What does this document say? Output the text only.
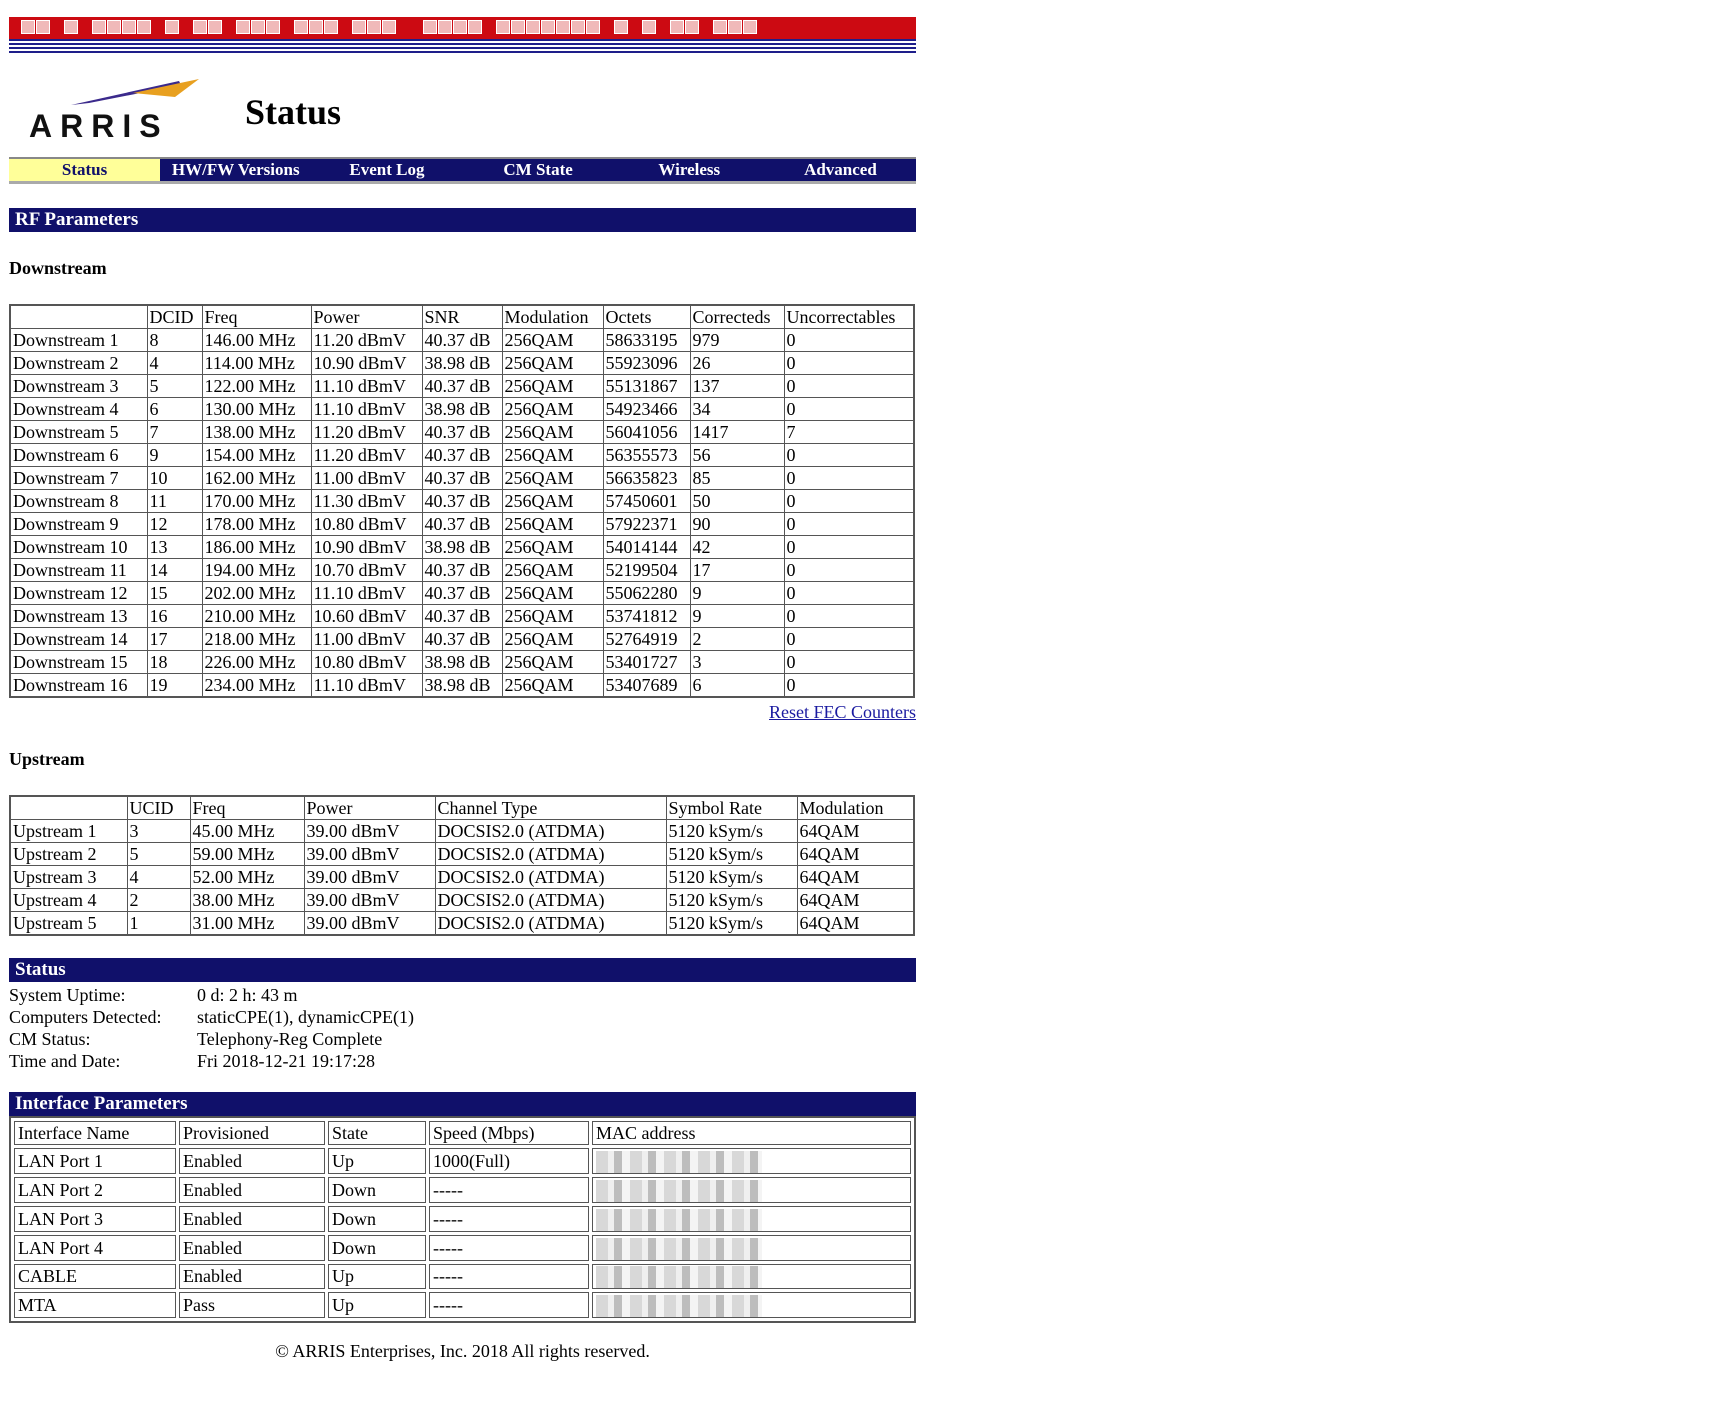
ARRIS Status
Status	HW/FW Versions	Event Log	CM State	Wireless	Advanced
RF Parameters
Downstream
	DCID	Freq	Power	SNR	Modulation	Octets	Correcteds	Uncorrectables
Downstream 1	8	146.00 MHz	11.20 dBmV	40.37 dB	256QAM	58633195	979	0
Downstream 2	4	114.00 MHz	10.90 dBmV	38.98 dB	256QAM	55923096	26	0
Downstream 3	5	122.00 MHz	11.10 dBmV	40.37 dB	256QAM	55131867	137	0
Downstream 4	6	130.00 MHz	11.10 dBmV	38.98 dB	256QAM	54923466	34	0
Downstream 5	7	138.00 MHz	11.20 dBmV	40.37 dB	256QAM	56041056	1417	7
Downstream 6	9	154.00 MHz	11.20 dBmV	40.37 dB	256QAM	56355573	56	0
Downstream 7	10	162.00 MHz	11.00 dBmV	40.37 dB	256QAM	56635823	85	0
Downstream 8	11	170.00 MHz	11.30 dBmV	40.37 dB	256QAM	57450601	50	0
Downstream 9	12	178.00 MHz	10.80 dBmV	40.37 dB	256QAM	57922371	90	0
Downstream 10	13	186.00 MHz	10.90 dBmV	38.98 dB	256QAM	54014144	42	0
Downstream 11	14	194.00 MHz	10.70 dBmV	40.37 dB	256QAM	52199504	17	0
Downstream 12	15	202.00 MHz	11.10 dBmV	40.37 dB	256QAM	55062280	9	0
Downstream 13	16	210.00 MHz	10.60 dBmV	40.37 dB	256QAM	53741812	9	0
Downstream 14	17	218.00 MHz	11.00 dBmV	40.37 dB	256QAM	52764919	2	0
Downstream 15	18	226.00 MHz	10.80 dBmV	38.98 dB	256QAM	53401727	3	0
Downstream 16	19	234.00 MHz	11.10 dBmV	38.98 dB	256QAM	53407689	6	0
Reset FEC Counters
Upstream
	UCID	Freq	Power	Channel Type	Symbol Rate	Modulation
Upstream 1	3	45.00 MHz	39.00 dBmV	DOCSIS2.0 (ATDMA)	5120 kSym/s	64QAM
Upstream 2	5	59.00 MHz	39.00 dBmV	DOCSIS2.0 (ATDMA)	5120 kSym/s	64QAM
Upstream 3	4	52.00 MHz	39.00 dBmV	DOCSIS2.0 (ATDMA)	5120 kSym/s	64QAM
Upstream 4	2	38.00 MHz	39.00 dBmV	DOCSIS2.0 (ATDMA)	5120 kSym/s	64QAM
Upstream 5	1	31.00 MHz	39.00 dBmV	DOCSIS2.0 (ATDMA)	5120 kSym/s	64QAM
Status
System Uptime:	0 d: 2 h: 43 m
Computers Detected:	staticCPE(1), dynamicCPE(1)
CM Status:	Telephony-Reg Complete
Time and Date:	Fri 2018-12-21 19:17:28
Interface Parameters
Interface Name	Provisioned	State	Speed (Mbps)	MAC address
LAN Port 1	Enabled	Up	1000(Full)	
LAN Port 2	Enabled	Down	-----	
LAN Port 3	Enabled	Down	-----	
LAN Port 4	Enabled	Down	-----	
CABLE	Enabled	Up	-----	
MTA	Pass	Up	-----	
© ARRIS Enterprises, Inc. 2018 All rights reserved.
